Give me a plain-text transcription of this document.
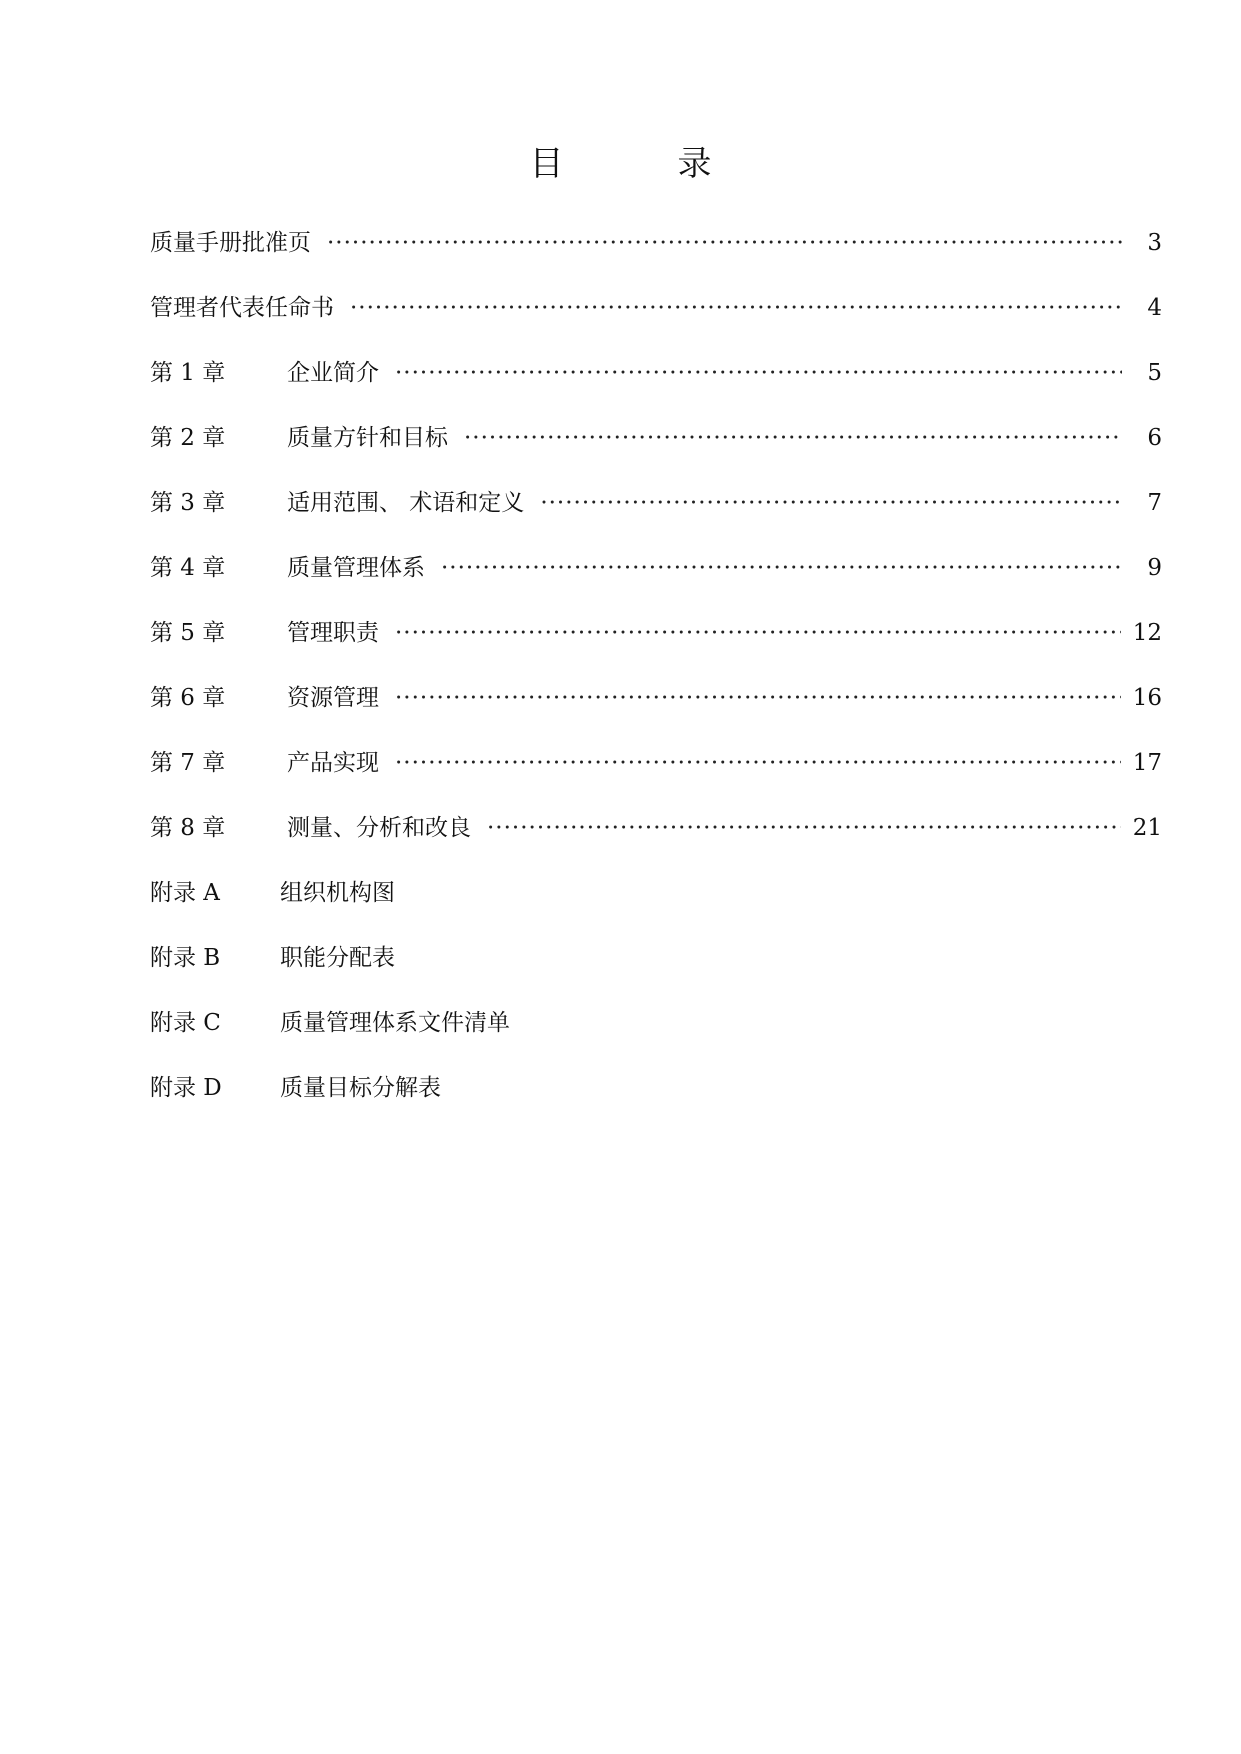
目　录
质量手册批准页 ·····	3
管理者代表任命书 ·····	4
第 1 章	企业简介 ·····	5
第 2 章	质量方针和目标 ·····	6
第 3 章	适用范围、 术语和定义 ·····	7
第 4 章	质量管理体系 ·····	9
第 5 章	管理职责 ·····	12
第 6 章	资源管理 ·····	16
第 7 章	产品实现 ·····	17
第 8 章	测量、分析和改良 ·····	21
附录 A	组织机构图
附录 B	职能分配表
附录 C	质量管理体系文件清单
附录 D	质量目标分解表
